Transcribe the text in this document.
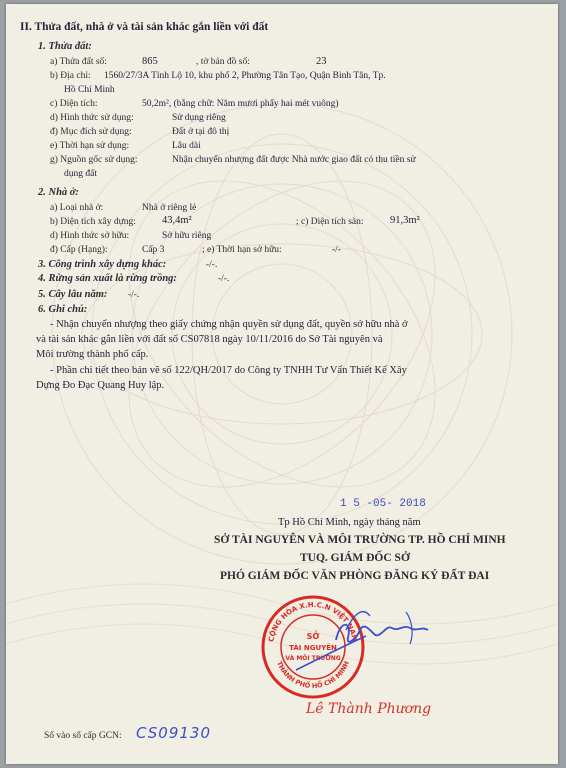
II. Thửa đất, nhà ở và tài sản khác gắn liền với đất
1. Thửa đất:
a) Thửa đất số:	865	, tờ bản đồ số:	23
b) Địa chỉ: 1560/27/3A Tỉnh Lộ 10, khu phố 2, Phường Tân Tạo, Quận Bình Tân, Tp.
Hồ Chí Minh
c) Diện tích:	50,2m², (bằng chữ: Năm mươi phẩy hai mét vuông)
d) Hình thức sử dụng:	Sử dụng riêng
đ) Mục đích sử dụng:	Đất ở tại đô thị
e) Thời hạn sử dụng:	Lâu dài
g) Nguồn gốc sử dụng:	Nhận chuyển nhượng đất được Nhà nước giao đất có thu tiền sử
dụng đất
2. Nhà ở:
a) Loại nhà ở:	Nhà ở riêng lẻ
b) Diện tích xây dựng: 43,4m²	; c) Diện tích sàn:	91,3m²
d) Hình thức sở hữu:	Sở hữu riêng
đ) Cấp (Hạng):	Cấp 3	; e) Thời hạn sở hữu:	-/-
3. Công trình xây dựng khác:	-/-.
4. Rừng sản xuất là rừng trồng:	-/-.
5. Cây lâu năm: -/-.
6. Ghi chú:
- Nhận chuyển nhượng theo giấy chứng nhận quyền sử dụng đất, quyền sở hữu nhà ở
và tài sản khác gắn liền với đất số CS07818 ngày 10/11/2016 do Sở Tài nguyên và
Môi trường thành phố cấp.
- Phần chi tiết theo bản vẽ số 122/QH/2017 do Công ty TNHH Tư Vấn Thiết Kế Xây
Dựng Đo Đạc Quang Huy lập.
1 5 -05- 2018
Tp Hồ Chí Minh, ngày tháng năm
SỞ TÀI NGUYÊN VÀ MÔI TRƯỜNG TP. HỒ CHÍ MINH
TUQ. GIÁM ĐỐC SỞ
PHÓ GIÁM ĐỐC VĂN PHÒNG ĐĂNG KÝ ĐẤT ĐAI
CỘNG HÒA X.H.C.N VIỆT NAM
THÀNH PHỐ HỒ CHÍ MINH
SỞ
TÀI NGUYÊN
VÀ MÔI TRƯỜNG
Lê Thành Phương
Số vào sổ cấp GCN: CS09130
